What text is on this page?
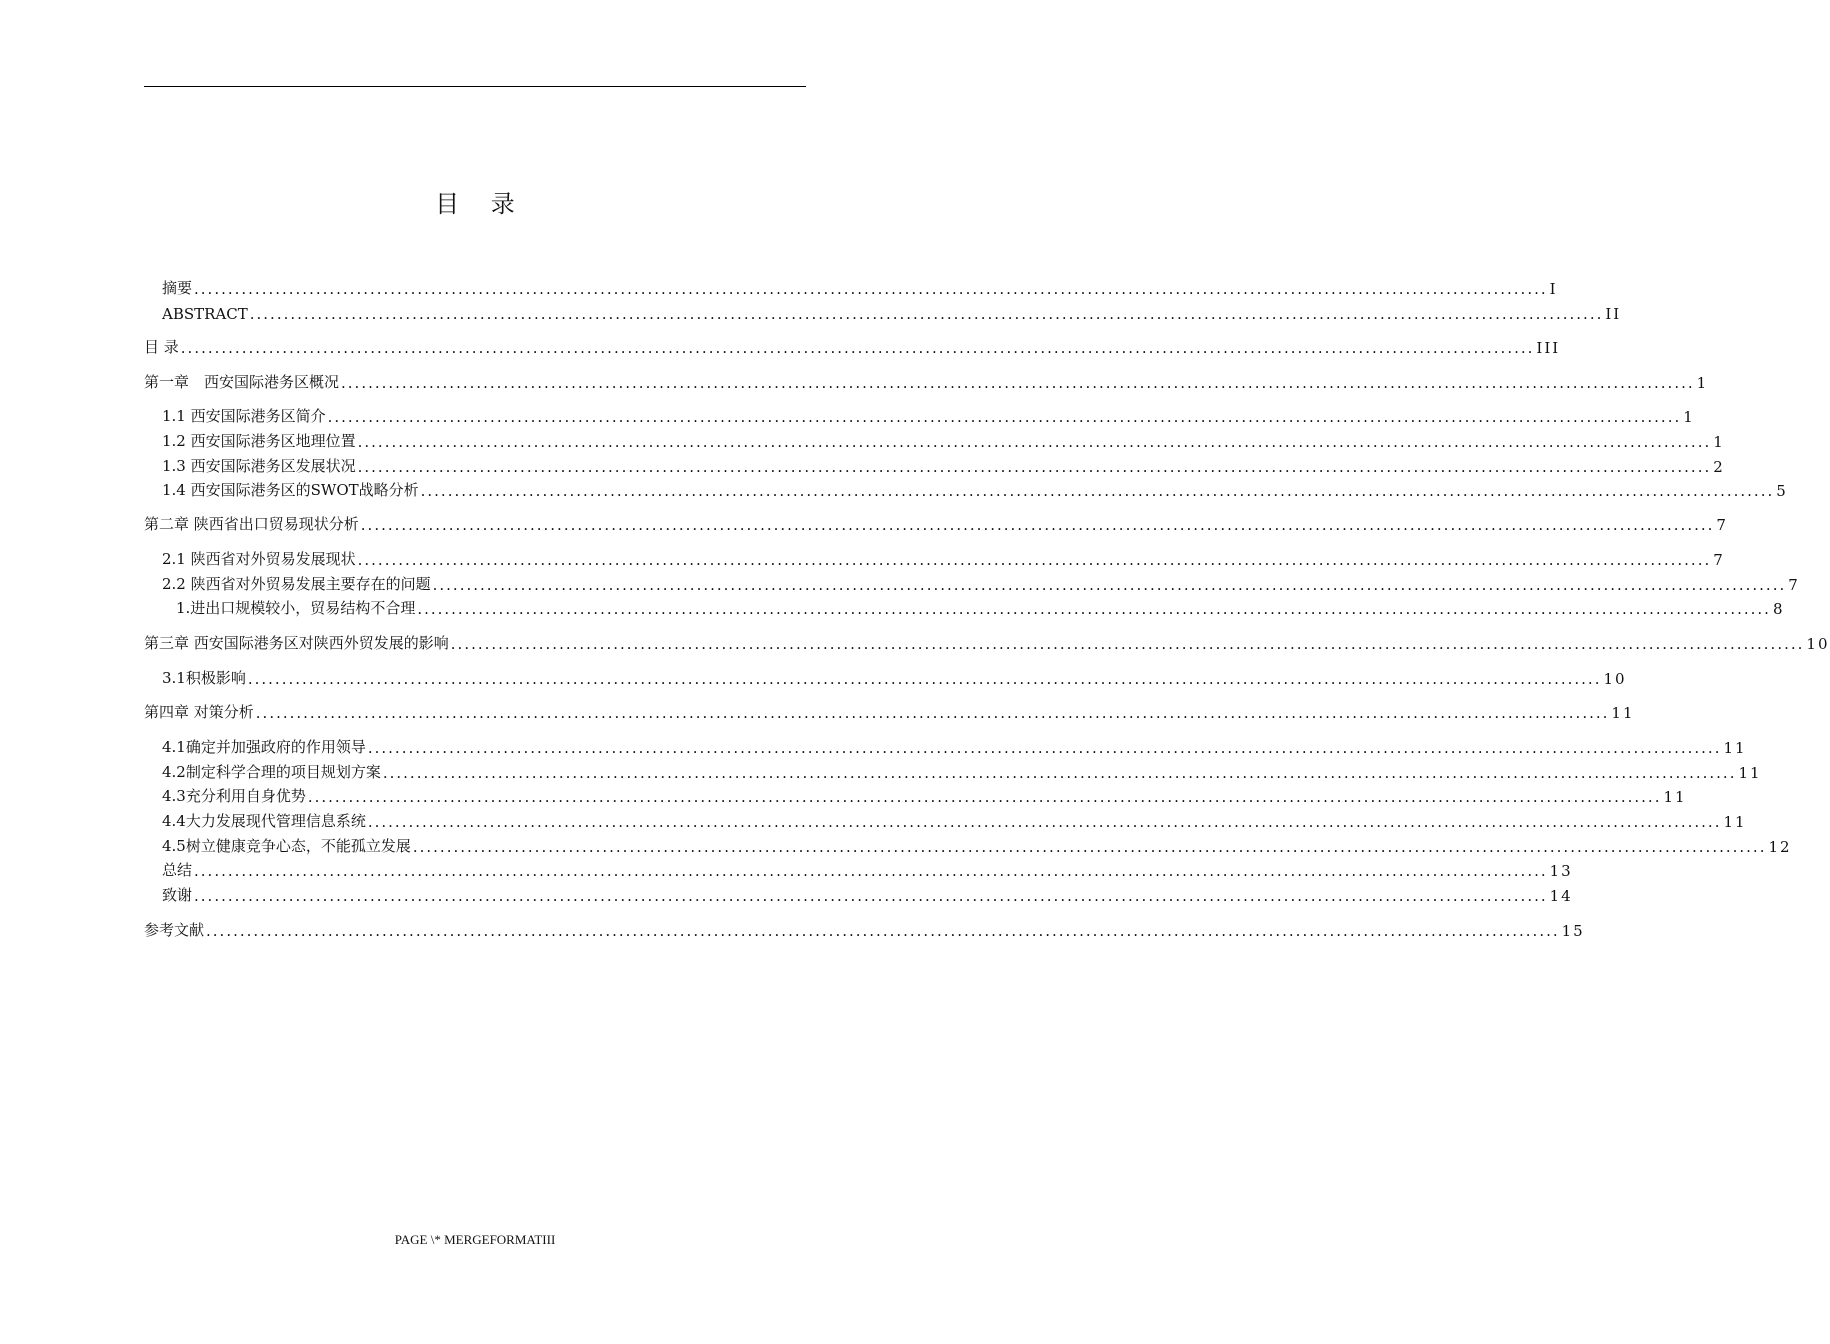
目 录
摘要 ........................................................................................................................................................................................................ I
ABSTRACT ........................................................................................................................................................................................................ II
目 录 ........................................................................................................................................................................................................ III
第一章　西安国际港务区概况 ........................................................................................................................................................................................................ 1
1.1 西安国际港务区简介 ........................................................................................................................................................................................................ 1
1.2 西安国际港务区地理位置 ........................................................................................................................................................................................................ 1
1.3 西安国际港务区发展状况 ........................................................................................................................................................................................................ 2
1.4 西安国际港务区的SWOT战略分析 ........................................................................................................................................................................................................ 5
第二章 陕西省出口贸易现状分析 ........................................................................................................................................................................................................ 7
2.1 陕西省对外贸易发展现状 ........................................................................................................................................................................................................ 7
2.2 陕西省对外贸易发展主要存在的问题 ........................................................................................................................................................................................................ 7
1.进出口规模较小，贸易结构不合理 ........................................................................................................................................................................................................ 8
第三章 西安国际港务区对陕西外贸发展的影响 ........................................................................................................................................................................................................ 10
3.1积极影响 ........................................................................................................................................................................................................ 10
第四章 对策分析 ........................................................................................................................................................................................................ 11
4.1确定并加强政府的作用领导 ........................................................................................................................................................................................................ 11
4.2制定科学合理的项目规划方案 ........................................................................................................................................................................................................ 11
4.3充分利用自身优势 ........................................................................................................................................................................................................ 11
4.4大力发展现代管理信息系统 ........................................................................................................................................................................................................ 11
4.5树立健康竞争心态，不能孤立发展 ........................................................................................................................................................................................................ 12
总结 ........................................................................................................................................................................................................ 13
致谢 ........................................................................................................................................................................................................ 14
参考文献 ........................................................................................................................................................................................................ 15
PAGE \* MERGEFORMATIII
